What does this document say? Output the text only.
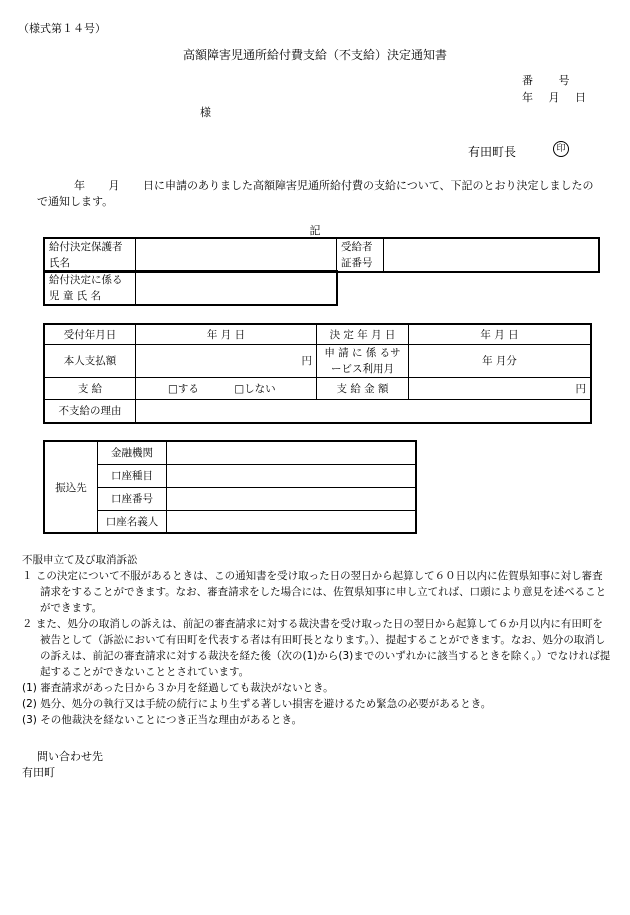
（様式第１４号）
高額障害児通所給付費支給（不支給）決定通知書
番 号
年 月 日
様
有田町長	印
年 月 日に申請のありました高額障害児通所給付費の支給について、下記のとおり決定しましたので通知します。
記
給付決定保護者氏名		受給者証番号	
給付決定に係る児 童 氏 名	
受付年月日	年 月 日	決 定 年 月 日	年 月 日
本人支払額	円	申 請 に 係 るサービス利用月	年 月分
支 給	□する □しない	支 給 金 額	円
不支給の理由			
振込先	金融機関	
	口座種目	
	口座番号	
	口座名義人	
不服申立て及び取消訴訟
１ この決定について不服があるときは、この通知書を受け取った日の翌日から起算して６０日以内に佐賀県知事に対し審査請求をすることができます。なお、審査請求をした場合には、佐賀県知事に申し立てれば、口頭により意見を述べることができます。
２ また、処分の取消しの訴えは、前記の審査請求に対する裁決書を受け取った日の翌日から起算して６か月以内に有田町を被告として（訴訟において有田町を代表する者は有田町長となります。）、提起することができます。なお、処分の取消しの訴えは、前記の審査請求に対する裁決を経た後（次の(1)から(3)までのいずれかに該当するときを除く。）でなければ提起することができないこととされています。
(1) 審査請求があった日から３か月を経過しても裁決がないとき。
(2) 処分、処分の執行又は手続の続行により生ずる著しい損害を避けるため緊急の必要があるとき。
(3) その他裁決を経ないことにつき正当な理由があるとき。
問い合わせ先
有田町
